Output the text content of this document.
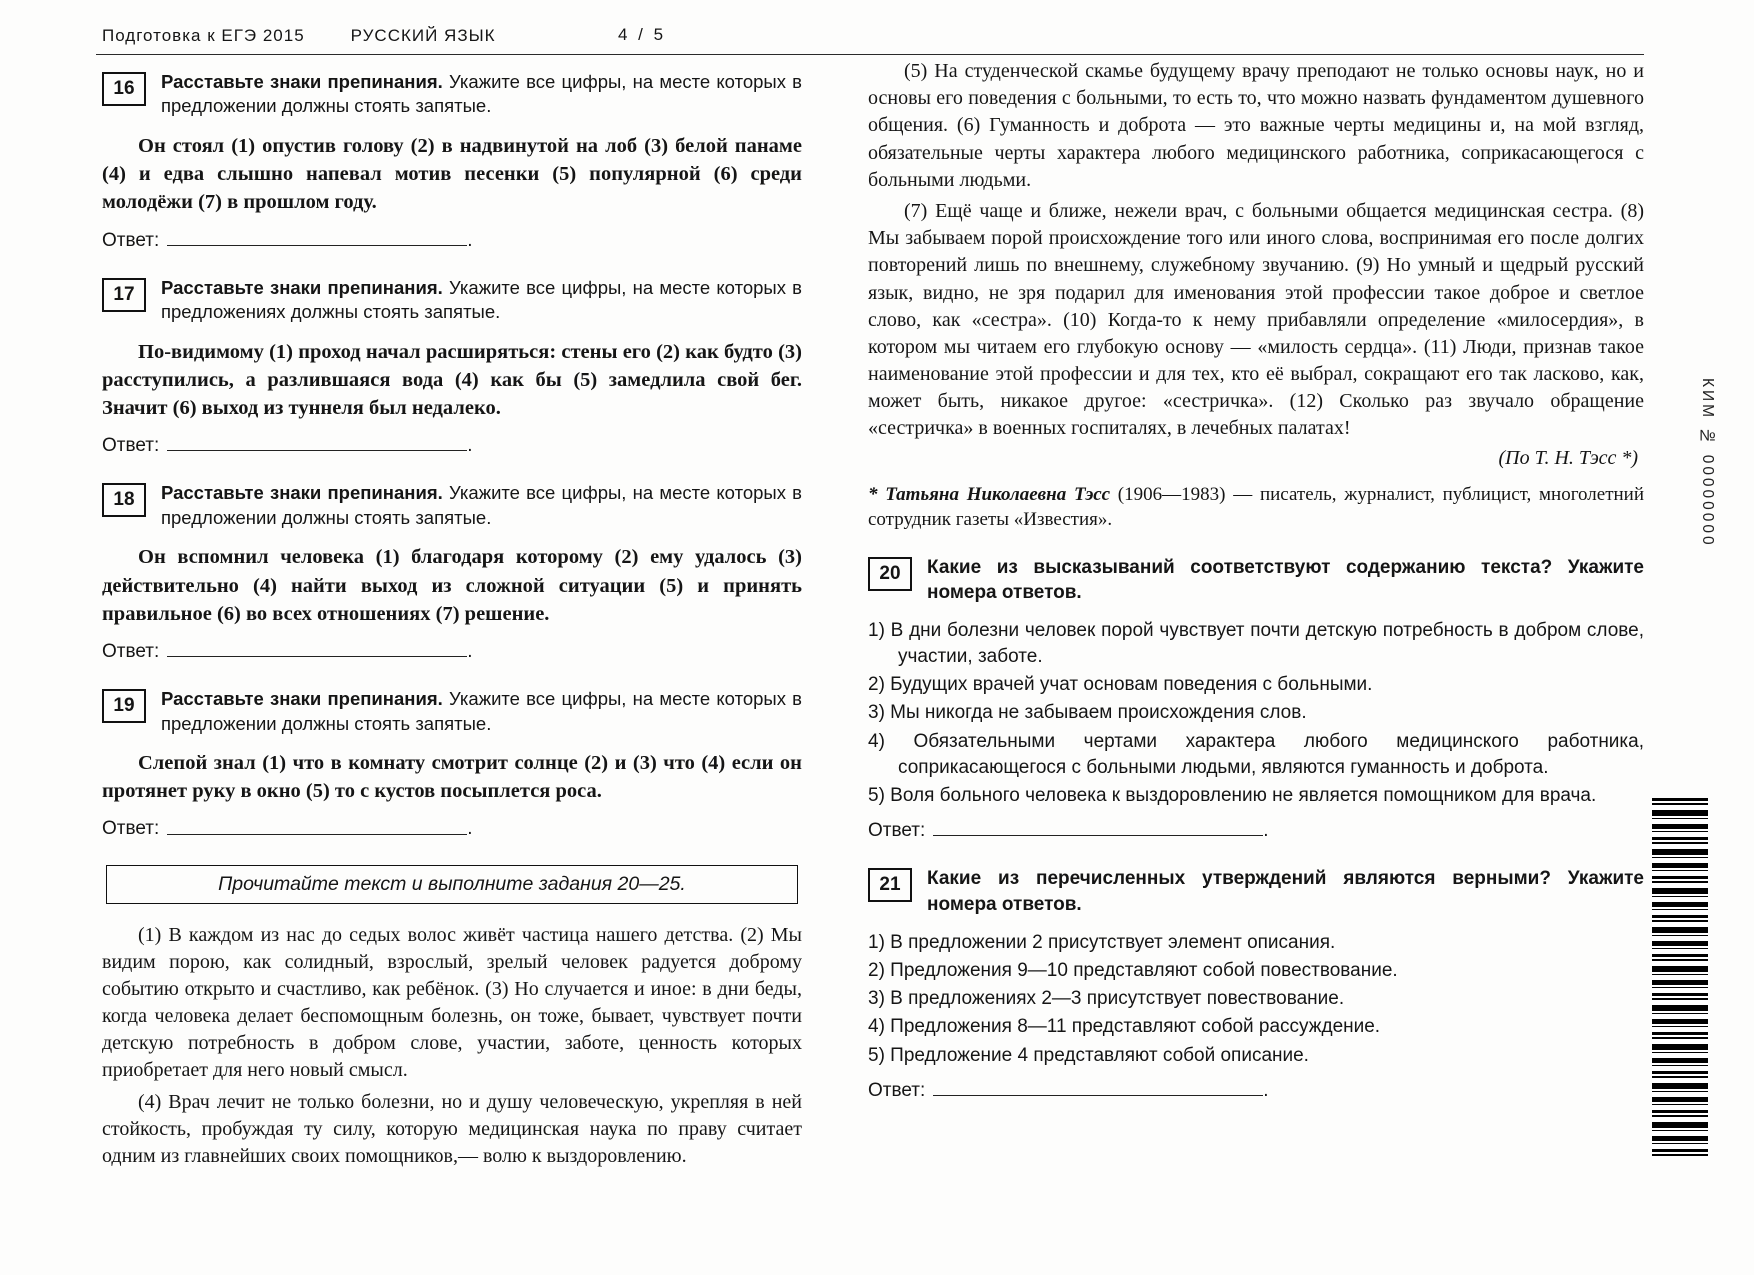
Подготовка к ЕГЭ 2015	РУССКИЙ ЯЗЫК	4 / 5
16	Расставьте знаки препинания. Укажите все цифры, на месте которых в предложении должны стоять запятые.
Он стоял (1) опустив голову (2) в надвинутой на лоб (3) белой панаме (4) и едва слышно напевал мотив песенки (5) популярной (6) среди молодёжи (7) в прошлом году.
Ответ:	.
17	Расставьте знаки препинания. Укажите все цифры, на месте которых в предложениях должны стоять запятые.
По-видимому (1) проход начал расширяться: стены его (2) как будто (3) расступились, а разлившаяся вода (4) как бы (5) замедлила свой бег. Значит (6) выход из туннеля был недалеко.
Ответ:	.
18	Расставьте знаки препинания. Укажите все цифры, на месте которых в предложении должны стоять запятые.
Он вспомнил человека (1) благодаря которому (2) ему удалось (3) действительно (4) найти выход из сложной ситуации (5) и принять правильное (6) во всех отношениях (7) решение.
Ответ:	.
19	Расставьте знаки препинания. Укажите все цифры, на месте которых в предложении должны стоять запятые.
Слепой знал (1) что в комнату смотрит солнце (2) и (3) что (4) если он протянет руку в окно (5) то с кустов посыплется роса.
Ответ:	.
Прочитайте текст и выполните задания 20—25.
(1) В каждом из нас до седых волос живёт частица нашего детства. (2) Мы видим порою, как солидный, взрослый, зрелый человек радуется доброму событию открыто и счастливо, как ребёнок. (3) Но случается и иное: в дни беды, когда человека делает беспомощным болезнь, он тоже, бывает, чувствует почти детскую потребность в добром слове, участии, заботе, ценность которых приобретает для него новый смысл.
(4) Врач лечит не только болезни, но и душу человеческую, укрепляя в ней стойкость, пробуждая ту силу, которую медицинская наука по праву считает одним из главнейших своих помощников,— волю к выздоровлению.
(5) На студенческой скамье будущему врачу преподают не только основы наук, но и основы его поведения с больными, то есть то, что можно назвать фундаментом душевного общения. (6) Гуманность и доброта — это важные черты медицины и, на мой взгляд, обязательные черты характера любого медицинского работника, соприкасающегося с больными людьми.
(7) Ещё чаще и ближе, нежели врач, с больными общается медицинская сестра. (8) Мы забываем порой происхождение того или иного слова, воспринимая его после долгих повторений лишь по внешнему, служебному звучанию. (9) Но умный и щедрый русский язык, видно, не зря подарил для именования этой профессии такое доброе и светлое слово, как «сестра». (10) Когда-то к нему прибавляли определение «милосердия», в котором мы читаем его глубокую основу — «милость сердца». (11) Люди, признав такое наименование этой профессии и для тех, кто её выбрал, сокращают его так ласково, как, может быть, никакое другое: «сестричка». (12) Сколько раз звучало обращение «сестричка» в военных госпиталях, в лечебных палатах!
(По Т. Н. Тэсс *)
* Татьяна Николаевна Тэсс (1906—1983) — писатель, журналист, публицист, многолетний сотрудник газеты «Известия».
20	Какие из высказываний соответствуют содержанию текста? Укажите номера ответов.
1) В дни болезни человек порой чувствует почти детскую потребность в добром слове, участии, заботе.
2) Будущих врачей учат основам поведения с больными.
3) Мы никогда не забываем происхождения слов.
4) Обязательными чертами характера любого медицинского работника, соприкасающегося с больными людьми, являются гуманность и доброта.
5) Воля больного человека к выздоровлению не является помощником для врача.
Ответ:	.
21	Какие из перечисленных утверждений являются верными? Укажите номера ответов.
1) В предложении 2 присутствует элемент описания.
2) Предложения 9—10 представляют собой повествование.
3) В предложениях 2—3 присутствует повествование.
4) Предложения 8—11 представляют собой рассуждение.
5) Предложение 4 представляют собой описание.
Ответ:	.
КИМ № 00000000
